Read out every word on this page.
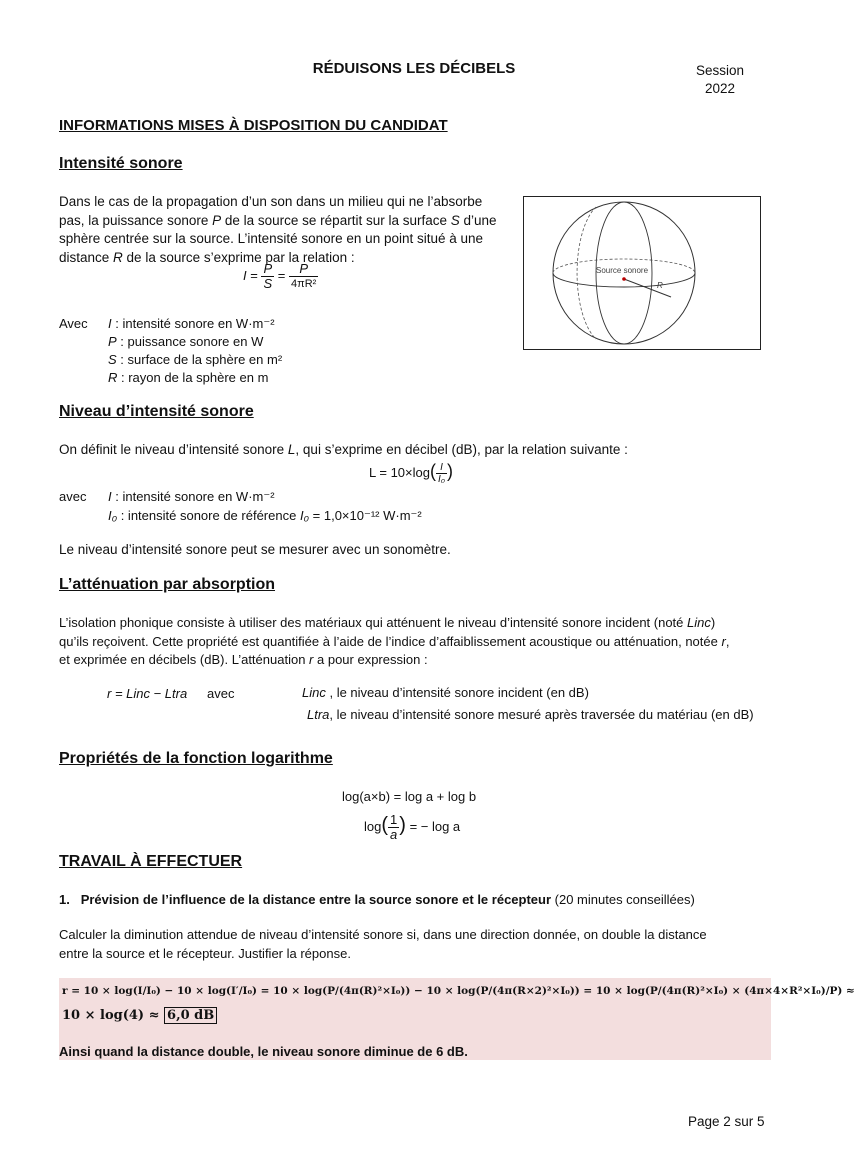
RÉDUISONS LES DÉCIBELS	Session
2022
INFORMATIONS MISES À DISPOSITION DU CANDIDAT
Intensité sonore
Dans le cas de la propagation d’un son dans un milieu qui ne l’absorbe
pas, la puissance sonore P de la source se répartit sur la surface S d’une
sphère centrée sur la source. L’intensité sonore en un point situé à une
distance R de la source s’exprime par la relation :
$I = \frac{P}{S} = \frac{P}{\text{4πR²}}$
Avec I : intensité sonore en W·m⁻²
P : puissance sonore en W
S : surface de la sphère en m²
R : rayon de la sphère en m
Source sonore
R
Niveau d’intensité sonore
On définit le niveau d’intensité sonore L, qui s’exprime en décibel (dB), par la relation suivante :
$L = 10\times\log( \frac{I}{\text{I₀}}$ )
avec I : intensité sonore en W·m⁻²
I₀ : intensité sonore de référence I₀ = 1,0×10⁻¹² W·m⁻²
Le niveau d’intensité sonore peut se mesurer avec un sonomètre.
L’atténuation par absorption
L’isolation phonique consiste à utiliser des matériaux qui atténuent le niveau d’intensité sonore incident (noté Linc)
qu’ils reçoivent. Cette propriété est quantifiée à l’aide de l’indice d’affaiblissement acoustique ou atténuation, notée r,
et exprimée en décibels (dB). L’atténuation r a pour expression :
r = Linc − Ltra avec	Linc , le niveau d’intensité sonore incident (en dB)
Ltra, le niveau d’intensité sonore mesuré après traversée du matériau (en dB)
Propriétés de la fonction logarithme
log(a×b) = log a + log b
$\log( \frac{1}{a}$ ) = − log a
TRAVAIL À EFFECTUER
1. Prévision de l’influence de la distance entre la source sonore et le récepteur (20 minutes conseillées)
Calculer la diminution attendue de niveau d’intensité sonore si, dans une direction donnée, on double la distance
entre la source et le récepteur. Justifier la réponse.
r = 10 × log(I/I₀) − 10 × log(I′/I₀) = 10 × log(P/(4π(R)²×I₀)) − 10 × log(P/(4π(R×2)²×I₀)) = 10 × log(P/(4π(R)²×I₀) × (4π×4×R²×I₀)/P) ≈
10 × log(4) ≈ 6,0 dB
Ainsi quand la distance double, le niveau sonore diminue de 6 dB.
Page 2 sur 5
